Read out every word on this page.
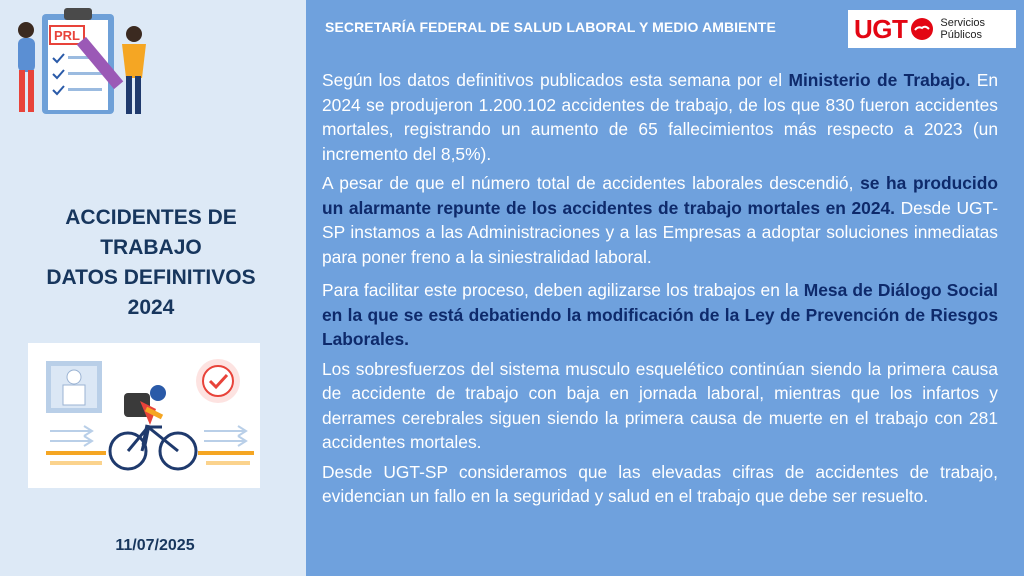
PRL
ACCIDENTES DE
TRABAJO
DATOS DEFINITIVOS
2024
11/07/2025
SECRETARÍA FEDERAL DE SALUD LABORAL Y MEDIO AMBIENTE	UGT	Servicios
Públicos

Según los datos definitivos publicados esta semana por el Ministerio de Trabajo. En 2024 se produjeron 1.200.102 accidentes de trabajo, de los que 830 fueron accidentes mortales, registrando un aumento de 65 fallecimientos más respecto a 2023 (un incremento del 8,5%).

A pesar de que el número total de accidentes laborales descendió, se ha producido un alarmante repunte de los accidentes de trabajo mortales en 2024. Desde UGT-SP instamos a las Administraciones y a las Empresas a adoptar soluciones inmediatas para poner freno a la siniestralidad laboral.

Para facilitar este proceso, deben agilizarse los trabajos en la Mesa de Diálogo Social en la que se está debatiendo la modificación de la Ley de Prevención de Riesgos Laborales.

Los sobresfuerzos del sistema musculo esquelético continúan siendo la primera causa de accidente de trabajo con baja en jornada laboral, mientras que los infartos y derrames cerebrales siguen siendo la primera causa de muerte en el trabajo con 281 accidentes mortales.

Desde UGT-SP consideramos que las elevadas cifras de accidentes de trabajo, evidencian un fallo en la seguridad y salud en el trabajo que debe ser resuelto.
